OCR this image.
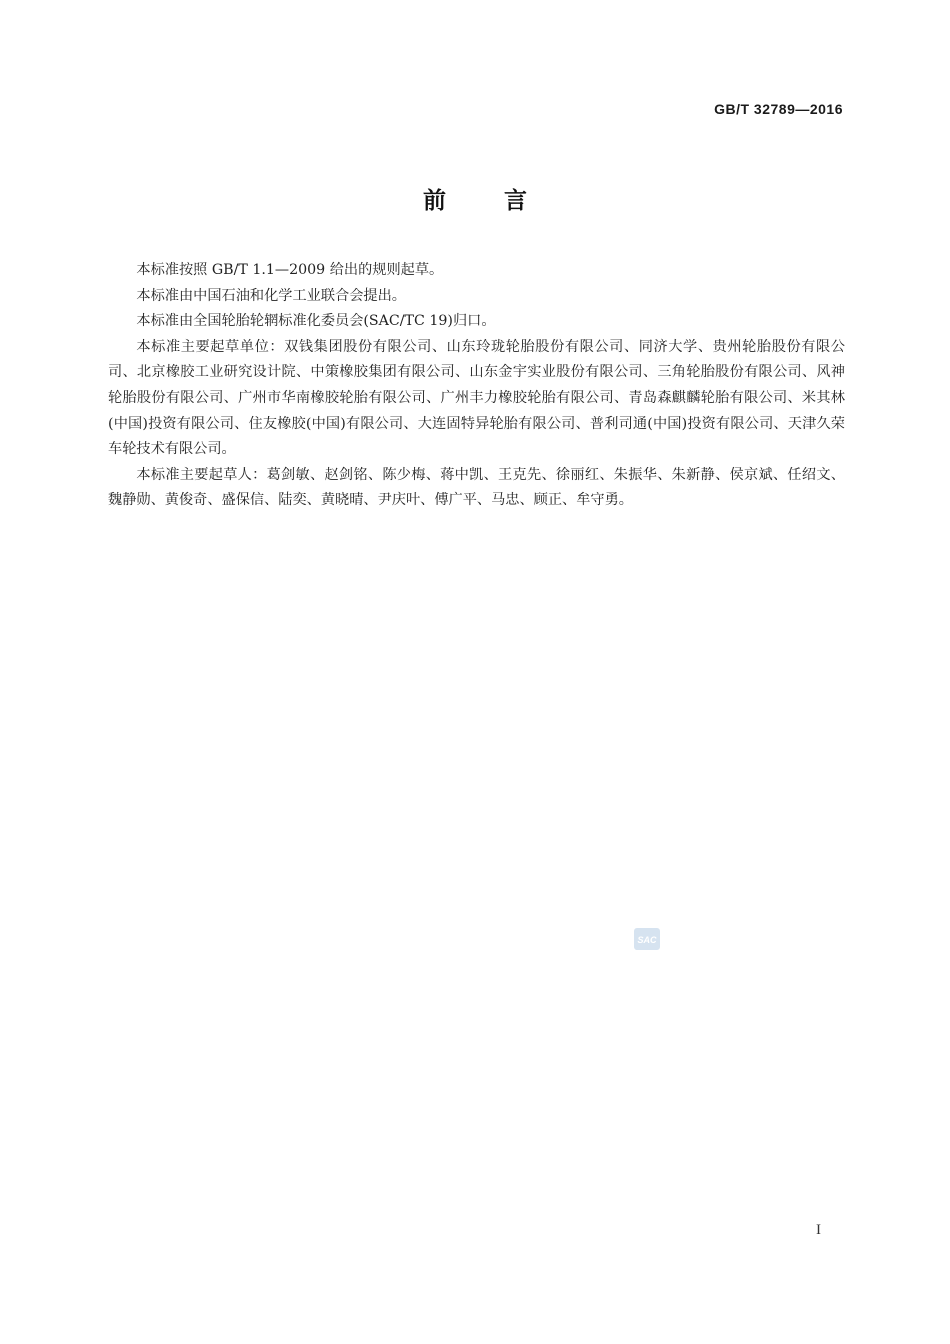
GB/T 32789—2016
前言

本标准按照 GB/T 1.1—2009 给出的规则起草。

本标准由中国石油和化学工业联合会提出。

本标准由全国轮胎轮辋标准化委员会(SAC/TC 19)归口。

本标准主要起草单位：双钱集团股份有限公司、山东玲珑轮胎股份有限公司、同济大学、贵州轮胎股份有限公司、北京橡胶工业研究设计院、中策橡胶集团有限公司、山东金宇实业股份有限公司、三角轮胎股份有限公司、风神轮胎股份有限公司、广州市华南橡胶轮胎有限公司、广州丰力橡胶轮胎有限公司、青岛森麒麟轮胎有限公司、米其林(中国)投资有限公司、住友橡胶(中国)有限公司、大连固特异轮胎有限公司、普利司通(中国)投资有限公司、天津久荣车轮技术有限公司。

本标准主要起草人：葛剑敏、赵剑铭、陈少梅、蒋中凯、王克先、徐丽红、朱振华、朱新静、侯京斌、任绍文、魏静勋、黄俊奇、盛保信、陆奕、黄晓晴、尹庆叶、傅广平、马忠、顾正、牟守勇。

SAC
I
